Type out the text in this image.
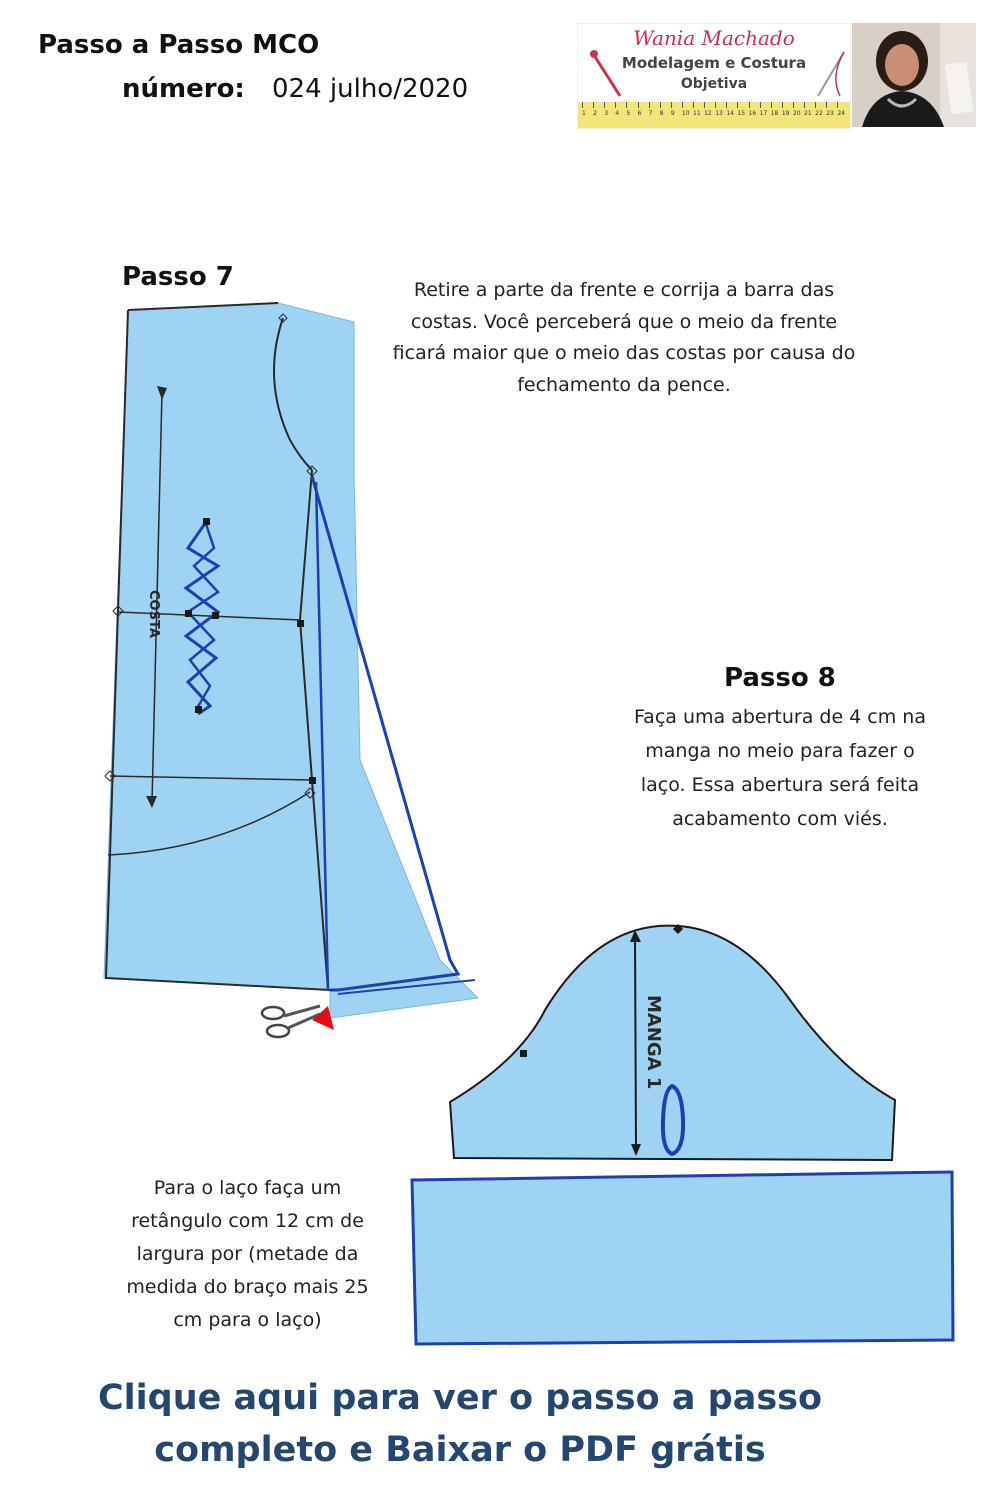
Passo a Passo MCO
número: 024 julho/2020
Wania Machado
Modelagem e Costura
Objetiva
1 2 3 4 5 6 7 8 9 10 11 12 13 14 15 16 17 18 19 20 21 22 23 24
Passo 7	Retire a parte da frente e corrija a barra das
costas. Você perceberá que o meio da frente
ficará maior que o meio das costas por causa do
fechamento da pence.
COSTA
Passo 8
Faça uma abertura de 4 cm na
manga no meio para fazer o
laço. Essa abertura será feita
acabamento com viés.
MANGA 1
Para o laço faça um
retângulo com 12 cm de
largura por (metade da
medida do braço mais 25
cm para o laço)
Clique aqui para ver o passo a passo
completo e Baixar o PDF grátis
